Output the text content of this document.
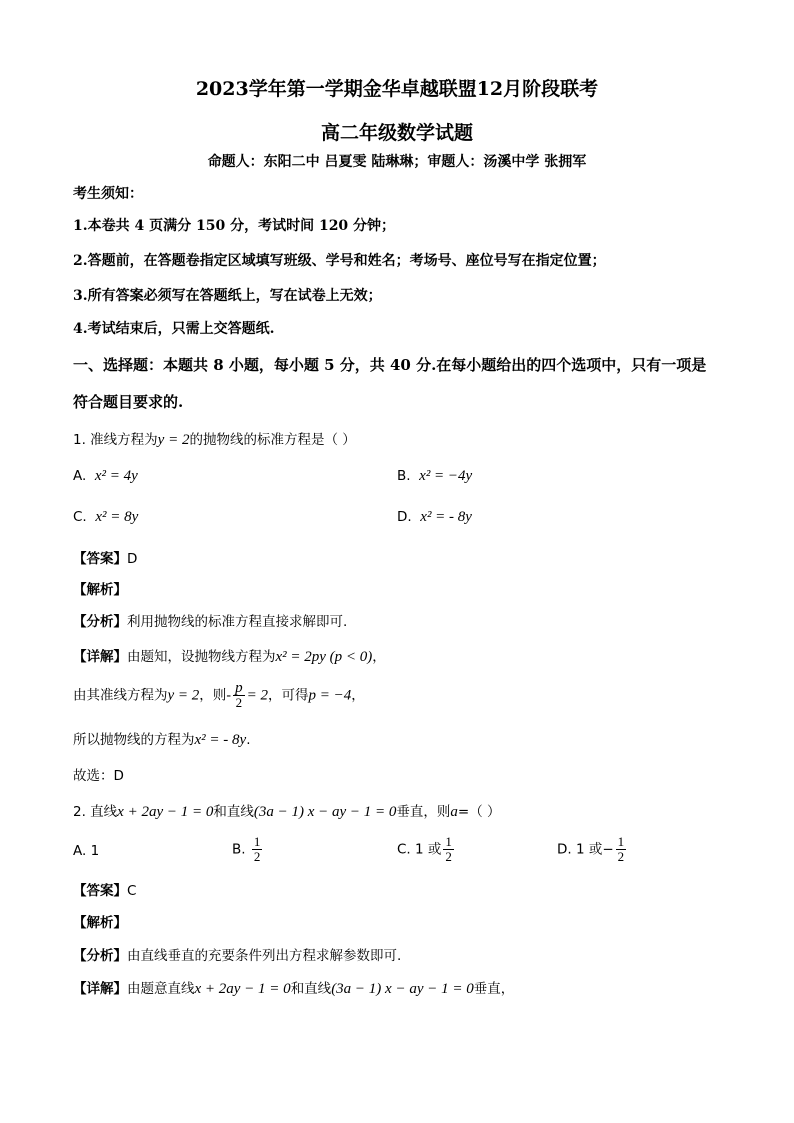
2023学年第一学期金华卓越联盟12月阶段联考
高二年级数学试题
命题人：东阳二中 吕夏雯 陆琳琳；审题人：汤溪中学 张拥军
考生须知：
1.本卷共 4 页满分 150 分，考试时间 120 分钟；
2.答题前，在答题卷指定区域填写班级、学号和姓名；考场号、座位号写在指定位置；
3.所有答案必须写在答题纸上，写在试卷上无效；
4.考试结束后，只需上交答题纸.
一、选择题：本题共 8 小题，每小题 5 分，共 40 分.在每小题给出的四个选项中，只有一项是
符合题目要求的.
1. 准线方程为y = 2的抛物线的标准方程是（ ）
A. x² = 4y	B. x² = −4y
C. x² = 8y	D. x² = - 8y
【答案】D
【解析】
【分析】利用抛物线的标准方程直接求解即可.
【详解】由题知，设抛物线方程为x² = 2py (p < 0)，
由其准线方程为y = 2，则- $\frac{p}{2} = 2$，可得p = −4，
所以抛物线的方程为x² = - 8y.
故选：D
2. 直线x + 2ay − 1 = 0和直线(3a − 1) x − ay − 1 = 0垂直，则a=（ ）
A. 1	B. $\frac{1}{2}$	C. 1 或 $\frac{1}{2}$	D. 1 或− $\frac{1}{2}$
【答案】C
【解析】
【分析】由直线垂直的充要条件列出方程求解参数即可.
【详解】由题意直线x + 2ay − 1 = 0和直线(3a − 1) x − ay − 1 = 0垂直，
